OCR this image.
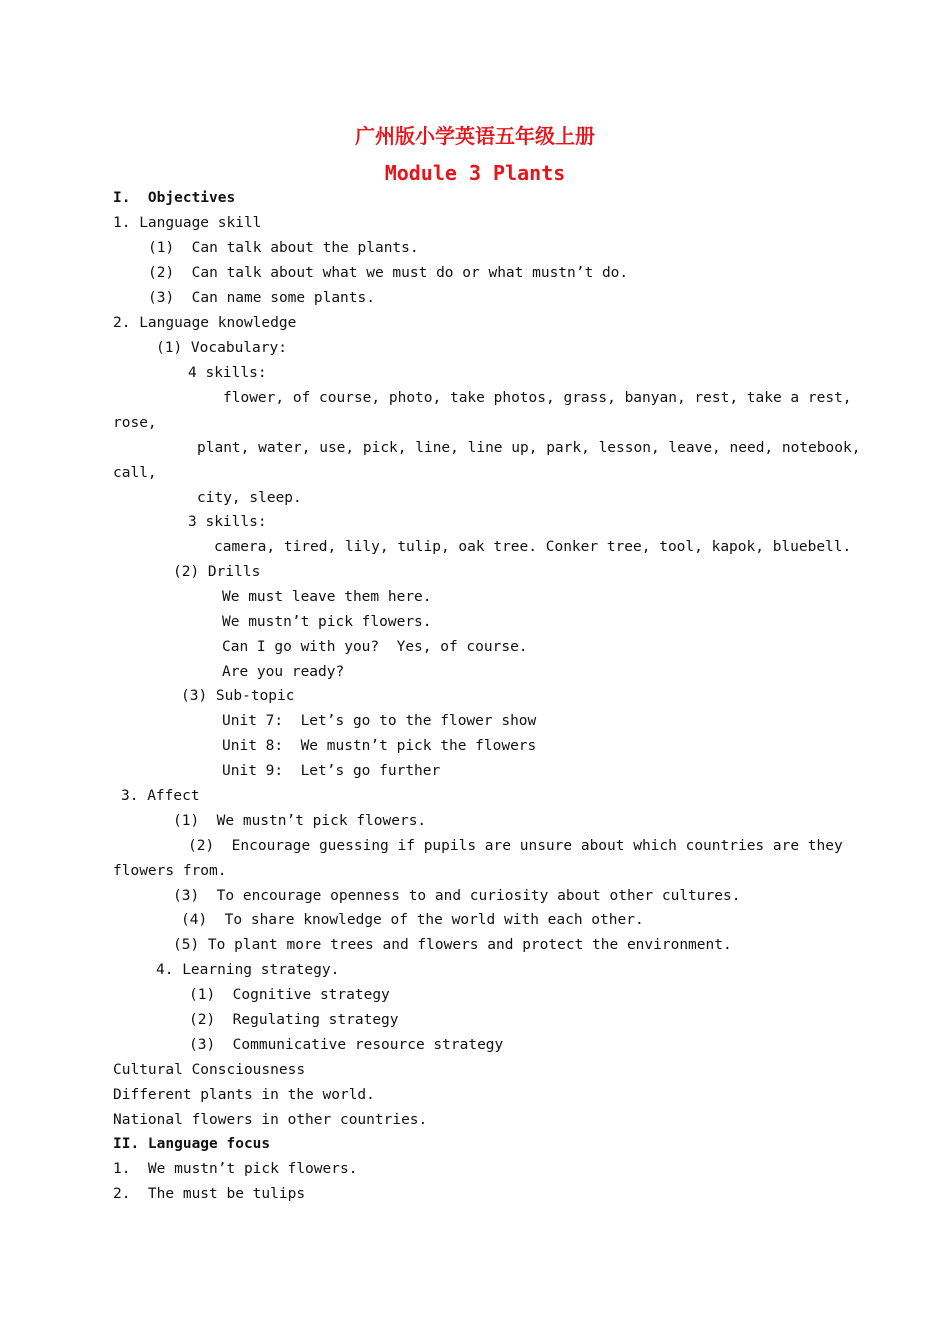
广州版小学英语五年级上册
Module 3 Plants
I.  Objectives
1. Language skill
(1)  Can talk about the plants.
(2)  Can talk about what we must do or what mustn’t do.
(3)  Can name some plants.
2. Language knowledge
(1) Vocabulary:
4 skills:
flower, of course, photo, take photos, grass, banyan, rest, take a rest,
rose,
plant, water, use, pick, line, line up, park, lesson, leave, need, notebook,
call,
city, sleep.
3 skills:
camera, tired, lily, tulip, oak tree. Conker tree, tool, kapok, bluebell.
(2) Drills
We must leave them here.
We mustn’t pick flowers.
Can I go with you?  Yes, of course.
Are you ready?
(3) Sub-topic
Unit 7:  Let’s go to the flower show
Unit 8:  We mustn’t pick the flowers
Unit 9:  Let’s go further
3. Affect
(1)  We mustn’t pick flowers.
(2)  Encourage guessing if pupils are unsure about which countries are they
flowers from.
(3)  To encourage openness to and curiosity about other cultures.
(4)  To share knowledge of the world with each other.
(5) To plant more trees and flowers and protect the environment.
4. Learning strategy.
(1)  Cognitive strategy
(2)  Regulating strategy
(3)  Communicative resource strategy
Cultural Consciousness
Different plants in the world.
National flowers in other countries.
II. Language focus
1.  We mustn’t pick flowers.
2.  The must be tulips
